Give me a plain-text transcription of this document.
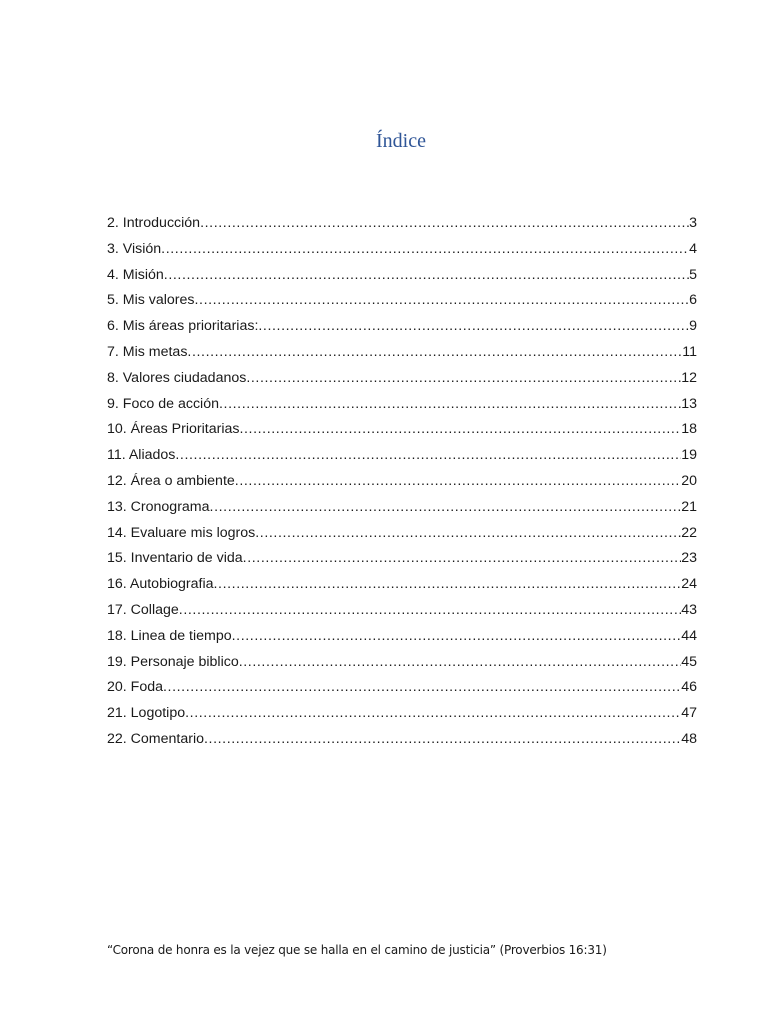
Índice
2. Introducción .....	3
3. Visión .....	4
4. Misión .....	5
5. Mis valores .....	6
6. Mis áreas prioritarias: .....	9
7. Mis metas .....	11
8. Valores ciudadanos .....	12
9. Foco de acción .....	13
10. Áreas Prioritarias .....	18
11. Aliados .....	19
12. Área o ambiente .....	20
13. Cronograma .....	21
14. Evaluare mis logros .....	22
15. Inventario de vida .....	23
16. Autobiografia .....	24
17. Collage .....	43
18. Linea de tiempo .....	44
19. Personaje biblico .....	45
20. Foda .....	46
21. Logotipo .....	47
22. Comentario .....	48

“Corona de honra es la vejez que se halla en el camino de justicia” (Proverbios 16:31)
